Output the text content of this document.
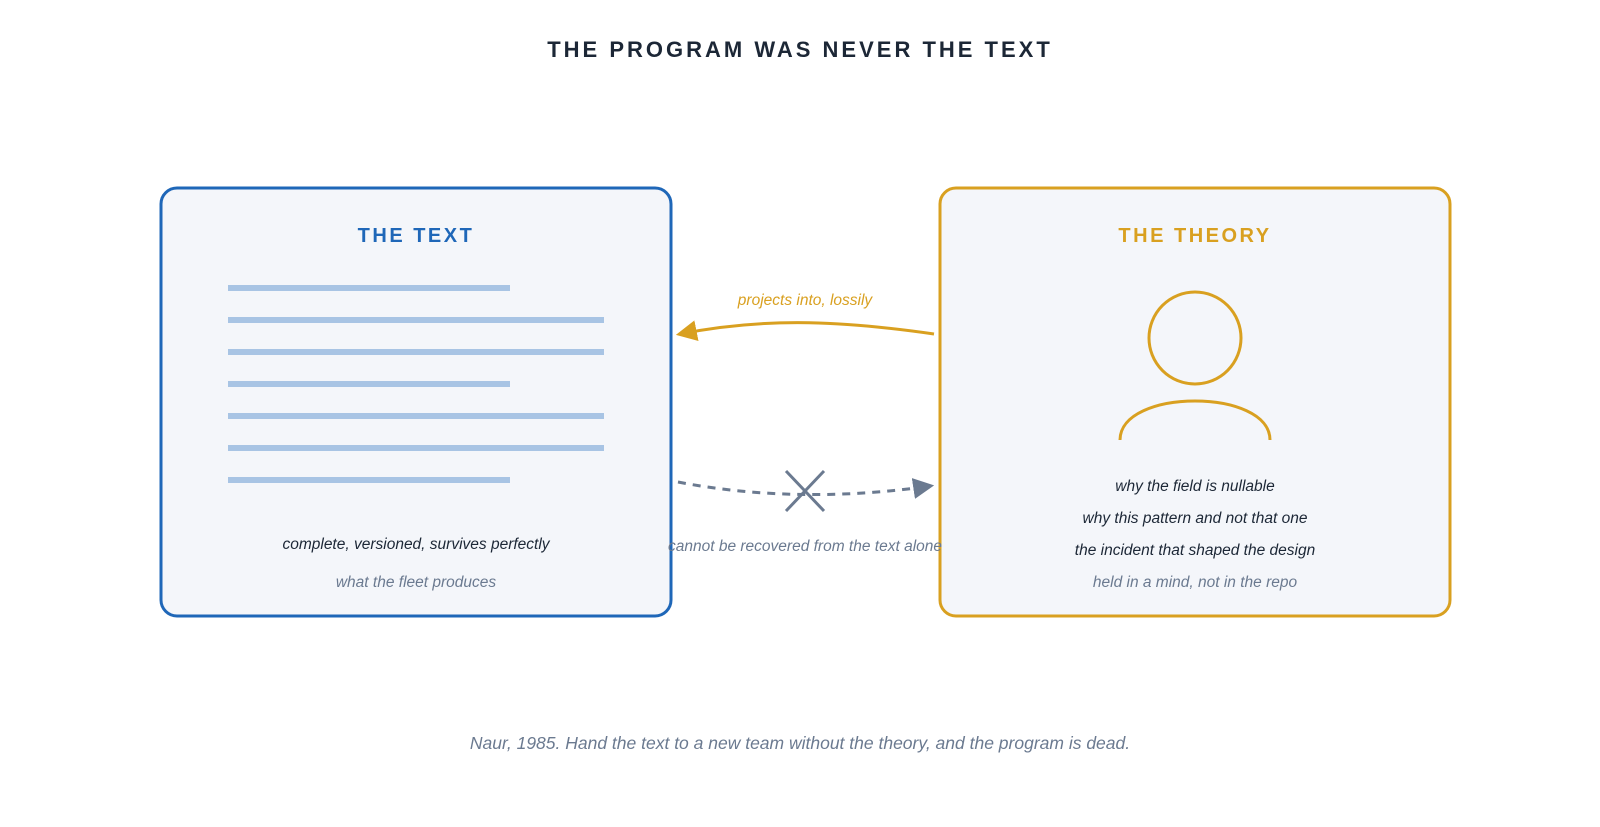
THE PROGRAM WAS NEVER THE TEXT
THE TEXT
complete, versioned, survives perfectly
what the fleet produces
THE THEORY
why the field is nullable
why this pattern and not that one
the incident that shaped the design
held in a mind, not in the repo
projects into, lossily
cannot be recovered from the text alone
Naur, 1985. Hand the text to a new team without the theory, and the program is dead.
